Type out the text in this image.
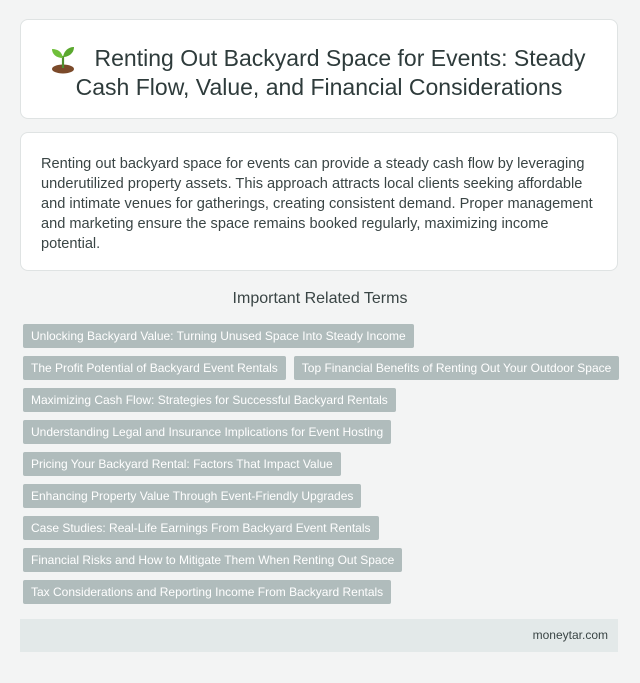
Renting Out Backyard Space for Events: Steady
Cash Flow, Value, and Financial Considerations
Renting out backyard space for events can provide a steady cash flow by leveraging underutilized property assets. This approach attracts local clients seeking affordable and intimate venues for gatherings, creating consistent demand. Proper management and marketing ensure the space remains booked regularly, maximizing income potential.
Important Related Terms
Unlocking Backyard Value: Turning Unused Space Into Steady Income
The Profit Potential of Backyard Event Rentals	Top Financial Benefits of Renting Out Your Outdoor Space
Maximizing Cash Flow: Strategies for Successful Backyard Rentals
Understanding Legal and Insurance Implications for Event Hosting
Pricing Your Backyard Rental: Factors That Impact Value
Enhancing Property Value Through Event-Friendly Upgrades
Case Studies: Real-Life Earnings From Backyard Event Rentals
Financial Risks and How to Mitigate Them When Renting Out Space
Tax Considerations and Reporting Income From Backyard Rentals
moneytar.com
